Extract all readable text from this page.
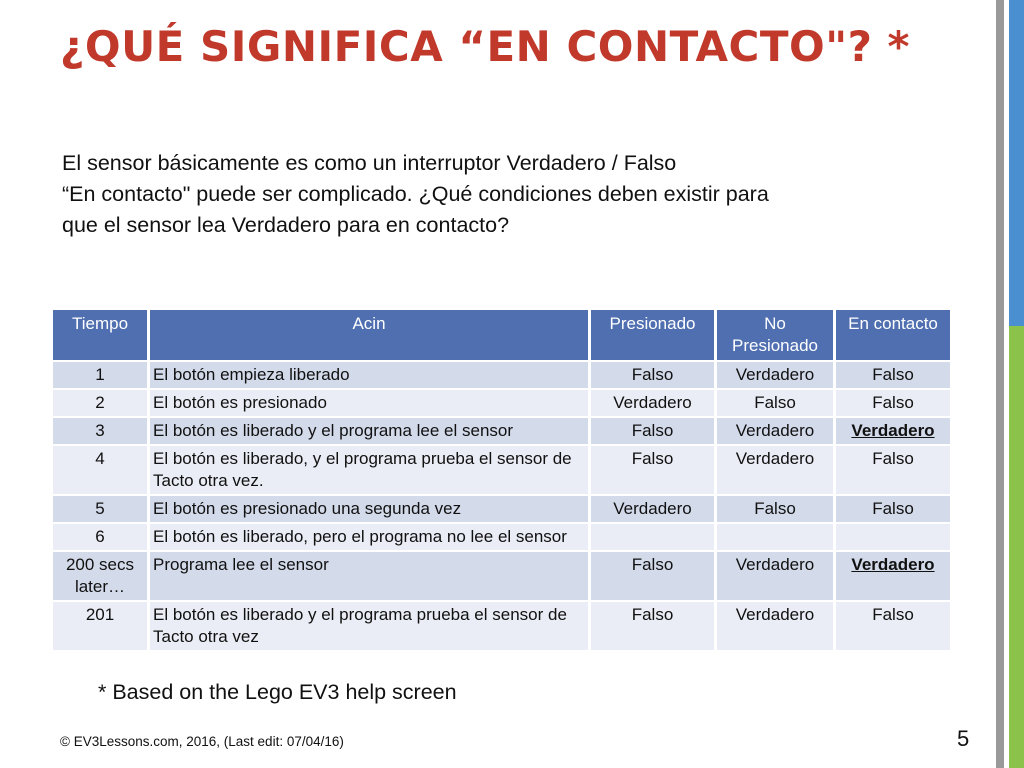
¿QUÉ SIGNIFICA “EN CONTACTO"? *
El sensor básicamente es como un interruptor Verdadero / Falso
“En contacto" puede ser complicado. ¿Qué condiciones deben existir para
que el sensor lea Verdadero para en contacto?
Tiempo	Acin	Presionado	No Presionado	En contacto
1	El botón empieza liberado	Falso	Verdadero	Falso
2	El botón es presionado	Verdadero	Falso	Falso
3	El botón es liberado y el programa lee el sensor	Falso	Verdadero	Verdadero
4	El botón es liberado, y el programa prueba el sensor de Tacto otra vez.	Falso	Verdadero	Falso
5	El botón es presionado una segunda vez	Verdadero	Falso	Falso
6	El botón es liberado, pero el programa no lee el sensor			
200 secs later…	Programa lee el sensor	Falso	Verdadero	Verdadero
201	El botón es liberado y el programa prueba el sensor de Tacto otra vez	Falso	Verdadero	Falso
* Based on the Lego EV3 help screen
© EV3Lessons.com, 2016, (Last edit: 07/04/16)	5
